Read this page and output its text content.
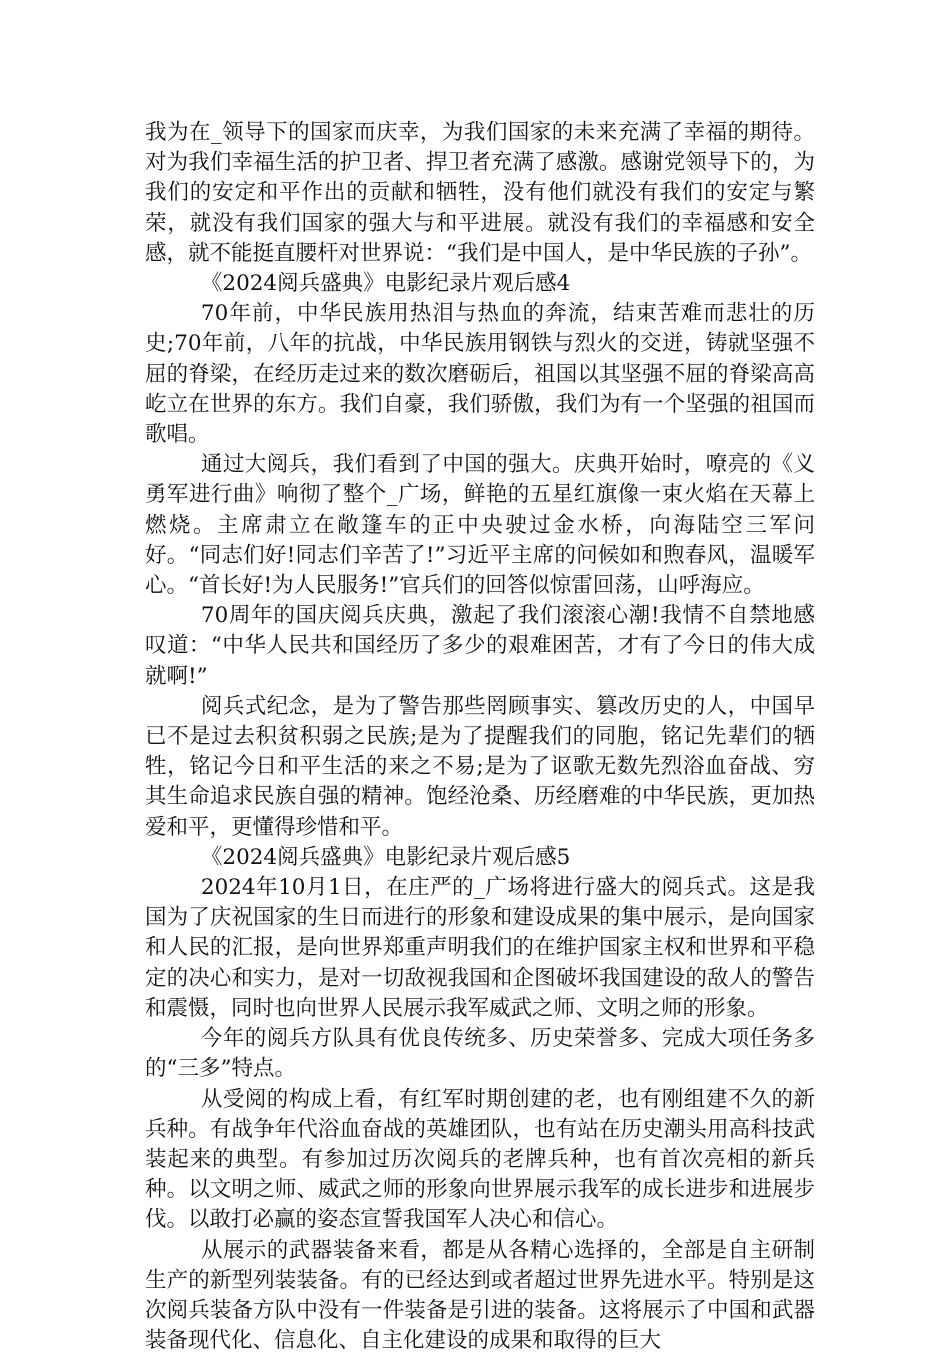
我为在_领导下的国家而庆幸，为我们国家的未来充满了幸福的期待。对为我们幸福生活的护卫者、捍卫者充满了感激。感谢党领导下的，为我们的安定和平作出的贡献和牺牲，没有他们就没有我们的安定与繁荣，就没有我们国家的强大与和平进展。就没有我们的幸福感和安全感，就不能挺直腰杆对世界说：“我们是中国人，是中华民族的子孙”。

《2024阅兵盛典》电影纪录片观后感4

70年前，中华民族用热泪与热血的奔流，结束苦难而悲壮的历史;70年前，八年的抗战，中华民族用钢铁与烈火的交迸，铸就坚强不屈的脊梁，在经历走过来的数次磨砺后，祖国以其坚强不屈的脊梁高高屹立在世界的东方。我们自豪，我们骄傲，我们为有一个坚强的祖国而歌唱。

通过大阅兵，我们看到了中国的强大。庆典开始时，嘹亮的《义勇军进行曲》响彻了整个_广场，鲜艳的五星红旗像一束火焰在天幕上燃烧。主席肃立在敞篷车的正中央驶过金水桥，向海陆空三军问好。“同志们好!同志们辛苦了!”习近平主席的问候如和煦春风，温暖军心。“首长好!为人民服务!”官兵们的回答似惊雷回荡，山呼海应。

70周年的国庆阅兵庆典，激起了我们滚滚心潮!我情不自禁地感叹道：“中华人民共和国经历了多少的艰难困苦，才有了今日的伟大成就啊!”

阅兵式纪念，是为了警告那些罔顾事实、篡改历史的人，中国早已不是过去积贫积弱之民族;是为了提醒我们的同胞，铭记先辈们的牺牲，铭记今日和平生活的来之不易;是为了讴歌无数先烈浴血奋战、穷其生命追求民族自强的精神。饱经沧桑、历经磨难的中华民族，更加热爱和平，更懂得珍惜和平。

《2024阅兵盛典》电影纪录片观后感5

2024年10月1日，在庄严的_广场将进行盛大的阅兵式。这是我国为了庆祝国家的生日而进行的形象和建设成果的集中展示，是向国家和人民的汇报，是向世界郑重声明我们的在维护国家主权和世界和平稳定的决心和实力，是对一切敌视我国和企图破坏我国建设的敌人的警告和震慑，同时也向世界人民展示我军威武之师、文明之师的形象。

今年的阅兵方队具有优良传统多、历史荣誉多、完成大项任务多的“三多”特点。

从受阅的构成上看，有红军时期创建的老，也有刚组建不久的新兵种。有战争年代浴血奋战的英雄团队，也有站在历史潮头用高科技武装起来的典型。有参加过历次阅兵的老牌兵种，也有首次亮相的新兵种。以文明之师、威武之师的形象向世界展示我军的成长进步和进展步伐。以敢打必赢的姿态宣誓我国军人决心和信心。

从展示的武器装备来看，都是从各精心选择的，全部是自主研制生产的新型列装装备。有的已经达到或者超过世界先进水平。特别是这次阅兵装备方队中没有一件装备是引进的装备。这将展示了中国和武器装备现代化、信息化、自主化建设的成果和取得的巨大
